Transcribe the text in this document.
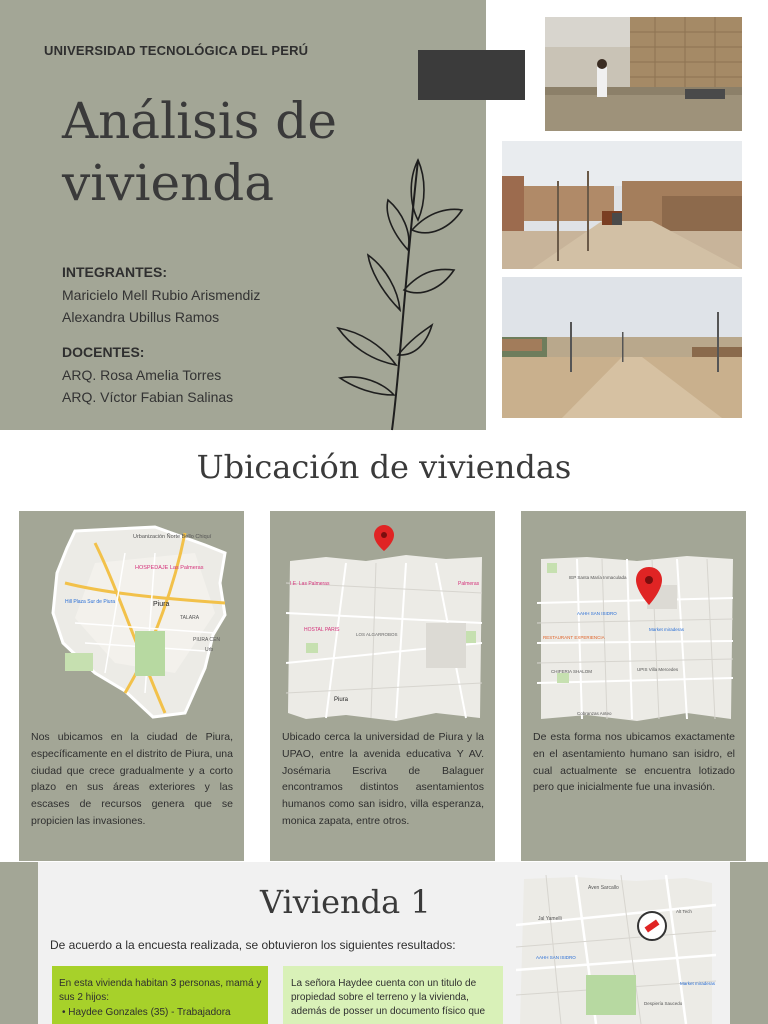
UNIVERSIDAD TECNOLÓGICA DEL PERÚ
Análisis de
vivienda
INTEGRANTES:
Maricielo Mell Rubio Arismendiz
Alexandra Ubillus Ramos
DOCENTES:
ARQ. Rosa Amelia Torres
ARQ. Víctor Fabian Salinas
Ubicación de viviendas
Urbanización Ñorte Bello Chiquí
HOSPEDAJE Las Palmeras
Piura
Hill Plaza Sur de Piura
TALARA
PIURA CEN
Urb
Nos ubicamos en la ciudad de Piura, específicamente en el distrito de Piura, una ciudad que crece gradualmente y a corto plazo en sus áreas exteriores y las escases de recursos genera que se propicien las invasiones.
I.E. Las Palmeras
HOSTAL PARIS
LOS ALGARROBOS
Piura
Palmeras
Ubicado cerca la universidad de Piura y la UPAO, entre la avenida educativa Y AV. Josémaria Escriva de Balaguer encontramos distintos asentamientos humanos como san isidro, villa esperanza, monica zapata, entre otros.
IEP Santa María Inmaculada
AAHH SAN ISIDRO
RESTAURANT EXPERIENCIA
Market miraderas
CHIFERIA SHALOM	UPIS Villa Mercedes
Cobranzas Anteo
De esta forma nos ubicamos exactamente en el asentamiento humano san isidro, el cual actualmente se encuentra lotizado pero que inicialmente fue una invasión.
Vivienda 1
De acuerdo a la encuesta realizada, se obtuvieron los siguientes resultados:
Aven Sarcallo
Jal Yamelli
AAHH SAN ISIDRO
Market miraderas
Despiería Saucedo
Alt Tech
En esta vivienda habitan 3 personas, mamá y sus 2 hijos:
• Haydee Gonzales (35) - Trabajadora
La señora Haydee cuenta con un titulo de propiedad sobre el terreno y la vivienda, además de posser un documento físico que
